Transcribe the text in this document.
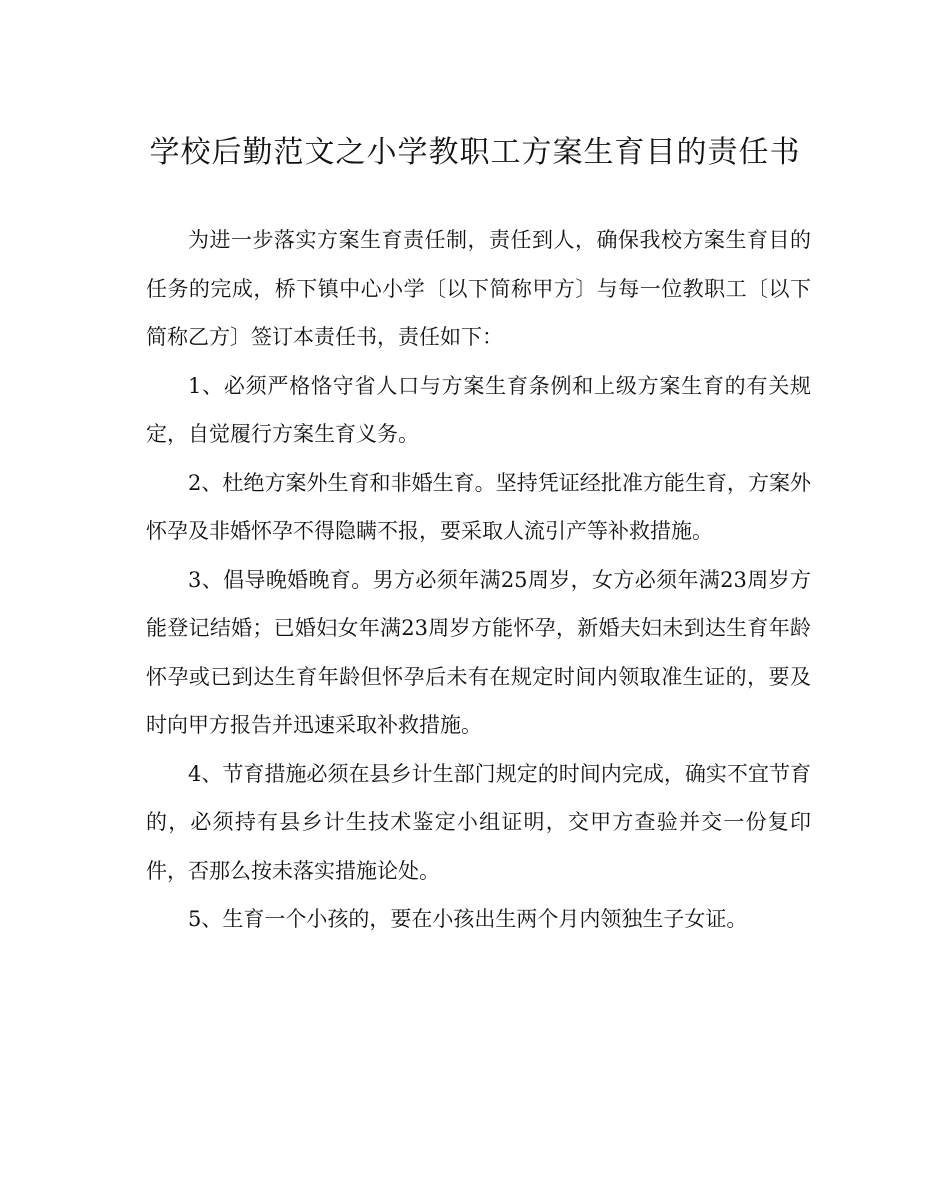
学校后勤范文之小学教职工方案生育目的责任书

为进一步落实方案生育责任制，责任到人，确保我校方案生育目的任务的完成，桥下镇中心小学〔以下简称甲方〕与每一位教职工〔以下简称乙方〕签订本责任书，责任如下：

1、必须严格恪守省人口与方案生育条例和上级方案生育的有关规定，自觉履行方案生育义务。

2、杜绝方案外生育和非婚生育。坚持凭证经批准方能生育，方案外怀孕及非婚怀孕不得隐瞒不报，要采取人流引产等补救措施。

3、倡导晚婚晚育。男方必须年满25周岁，女方必须年满23周岁方能登记结婚；已婚妇女年满23周岁方能怀孕，新婚夫妇未到达生育年龄怀孕或已到达生育年龄但怀孕后未有在规定时间内领取准生证的，要及时向甲方报告并迅速采取补救措施。

4、节育措施必须在县乡计生部门规定的时间内完成，确实不宜节育的，必须持有县乡计生技术鉴定小组证明，交甲方查验并交一份复印件，否那么按未落实措施论处。

5、生育一个小孩的，要在小孩出生两个月内领独生子女证。
